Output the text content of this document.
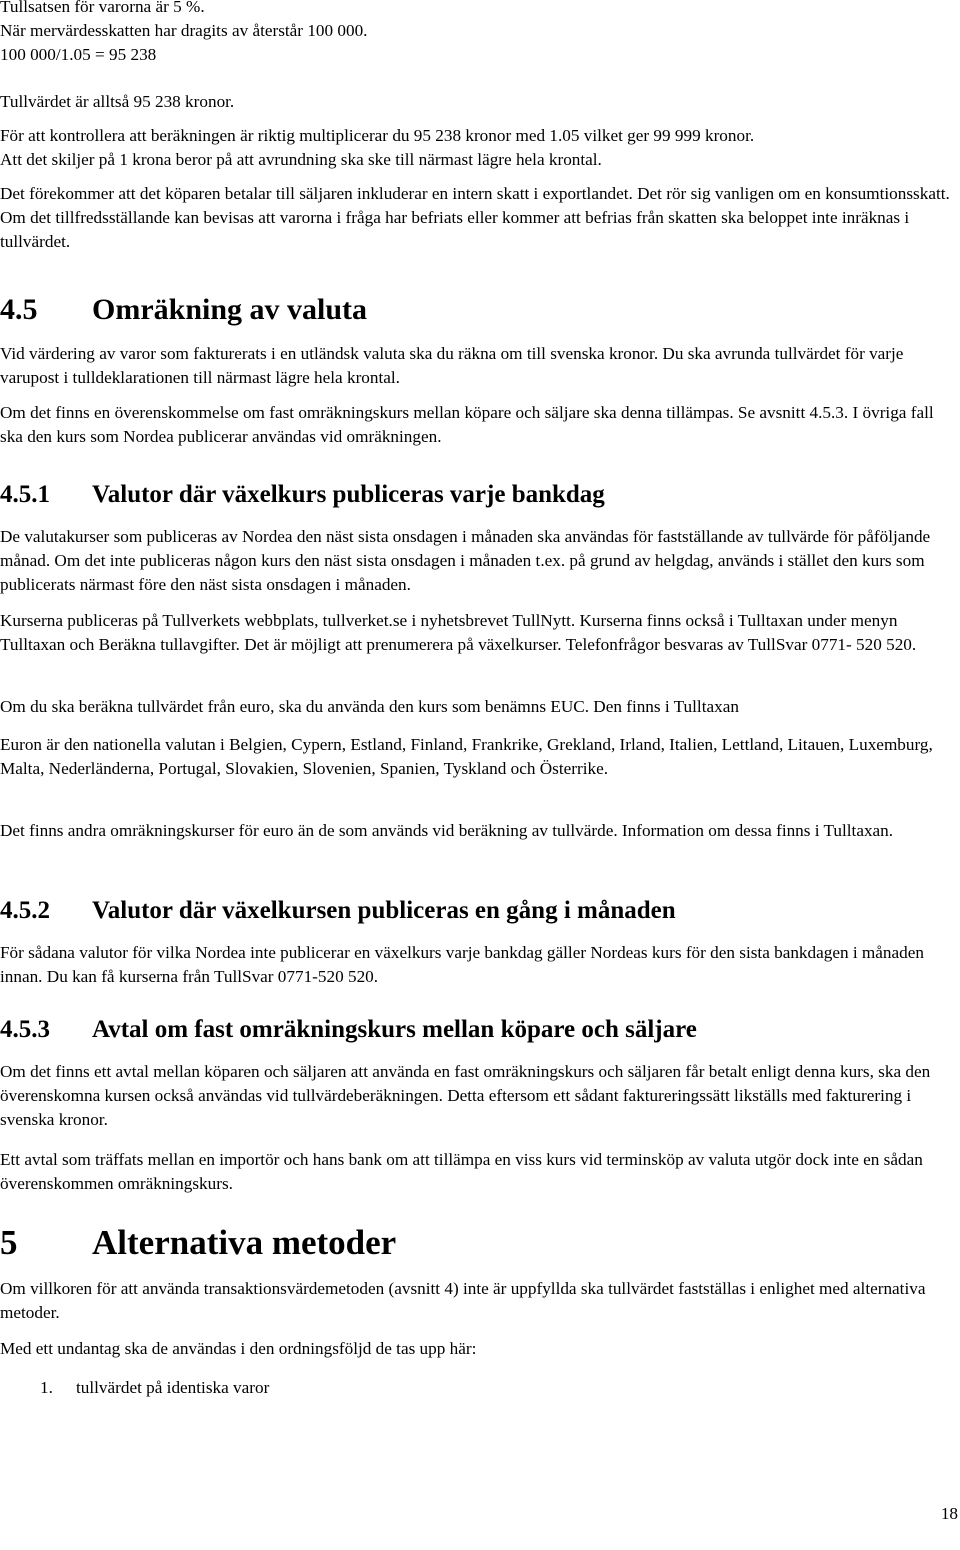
Tullsatsen för varorna är 5 %.

När mervärdesskatten har dragits av återstår 100 000.

100 000/1.05 = 95 238

Tullvärdet är alltså 95 238 kronor.

För att kontrollera att beräkningen är riktig multiplicerar du 95 238 kronor med 1.05 vilket ger 99 999 kronor.

Att det skiljer på 1 krona beror på att avrundning ska ske till närmast lägre hela krontal.

Det förekommer att det köparen betalar till säljaren inkluderar en intern skatt i exportlandet. Det rör sig vanligen om en konsumtionsskatt. Om det tillfredsställande kan bevisas att varorna i fråga har befriats eller kommer att befrias från skatten ska beloppet inte inräknas i tullvärdet.

4.5 Omräkning av valuta

Vid värdering av varor som fakturerats i en utländsk valuta ska du räkna om till svenska kronor. Du ska avrunda tullvärdet för varje varupost i tulldeklarationen till närmast lägre hela krontal.

Om det finns en överenskommelse om fast omräkningskurs mellan köpare och säljare ska denna tillämpas. Se avsnitt 4.5.3. I övriga fall ska den kurs som Nordea publicerar användas vid omräkningen.

4.5.1 Valutor där växelkurs publiceras varje bankdag

De valutakurser som publiceras av Nordea den näst sista onsdagen i månaden ska användas för fastställande av tullvärde för påföljande månad. Om det inte publiceras någon kurs den näst sista onsdagen i månaden t.ex. på grund av helgdag, används i stället den kurs som publicerats närmast före den näst sista onsdagen i månaden.

Kurserna publiceras på Tullverkets webbplats, tullverket.se i nyhetsbrevet TullNytt. Kurserna finns också i Tulltaxan under menyn Tulltaxan och Beräkna tullavgifter. Det är möjligt att prenumerera på växelkurser. Telefonfrågor besvaras av TullSvar 0771- 520 520.

Om du ska beräkna tullvärdet från euro, ska du använda den kurs som benämns EUC. Den finns i Tulltaxan

Euron är den nationella valutan i Belgien, Cypern, Estland, Finland, Frankrike, Grekland, Irland, Italien, Lettland, Litauen, Luxemburg, Malta, Nederländerna, Portugal, Slovakien, Slovenien, Spanien, Tyskland och Österrike.

Det finns andra omräkningskurser för euro än de som används vid beräkning av tullvärde. Information om dessa finns i Tulltaxan.

4.5.2 Valutor där växelkursen publiceras en gång i månaden

För sådana valutor för vilka Nordea inte publicerar en växelkurs varje bankdag gäller Nordeas kurs för den sista bankdagen i månaden innan. Du kan få kurserna från TullSvar 0771-520 520.

4.5.3 Avtal om fast omräkningskurs mellan köpare och säljare

Om det finns ett avtal mellan köparen och säljaren att använda en fast omräkningskurs och säljaren får betalt enligt denna kurs, ska den överenskomna kursen också användas vid tullvärdeberäkningen. Detta eftersom ett sådant faktureringssätt likställs med fakturering i svenska kronor.

Ett avtal som träffats mellan en importör och hans bank om att tillämpa en viss kurs vid terminsköp av valuta utgör dock inte en sådan överenskommen omräkningskurs.

5 Alternativa metoder

Om villkoren för att använda transaktionsvärdemetoden (avsnitt 4) inte är uppfyllda ska tullvärdet fastställas i enlighet med alternativa metoder.

Med ett undantag ska de användas i den ordningsföljd de tas upp här:

1. tullvärdet på identiska varor
18
